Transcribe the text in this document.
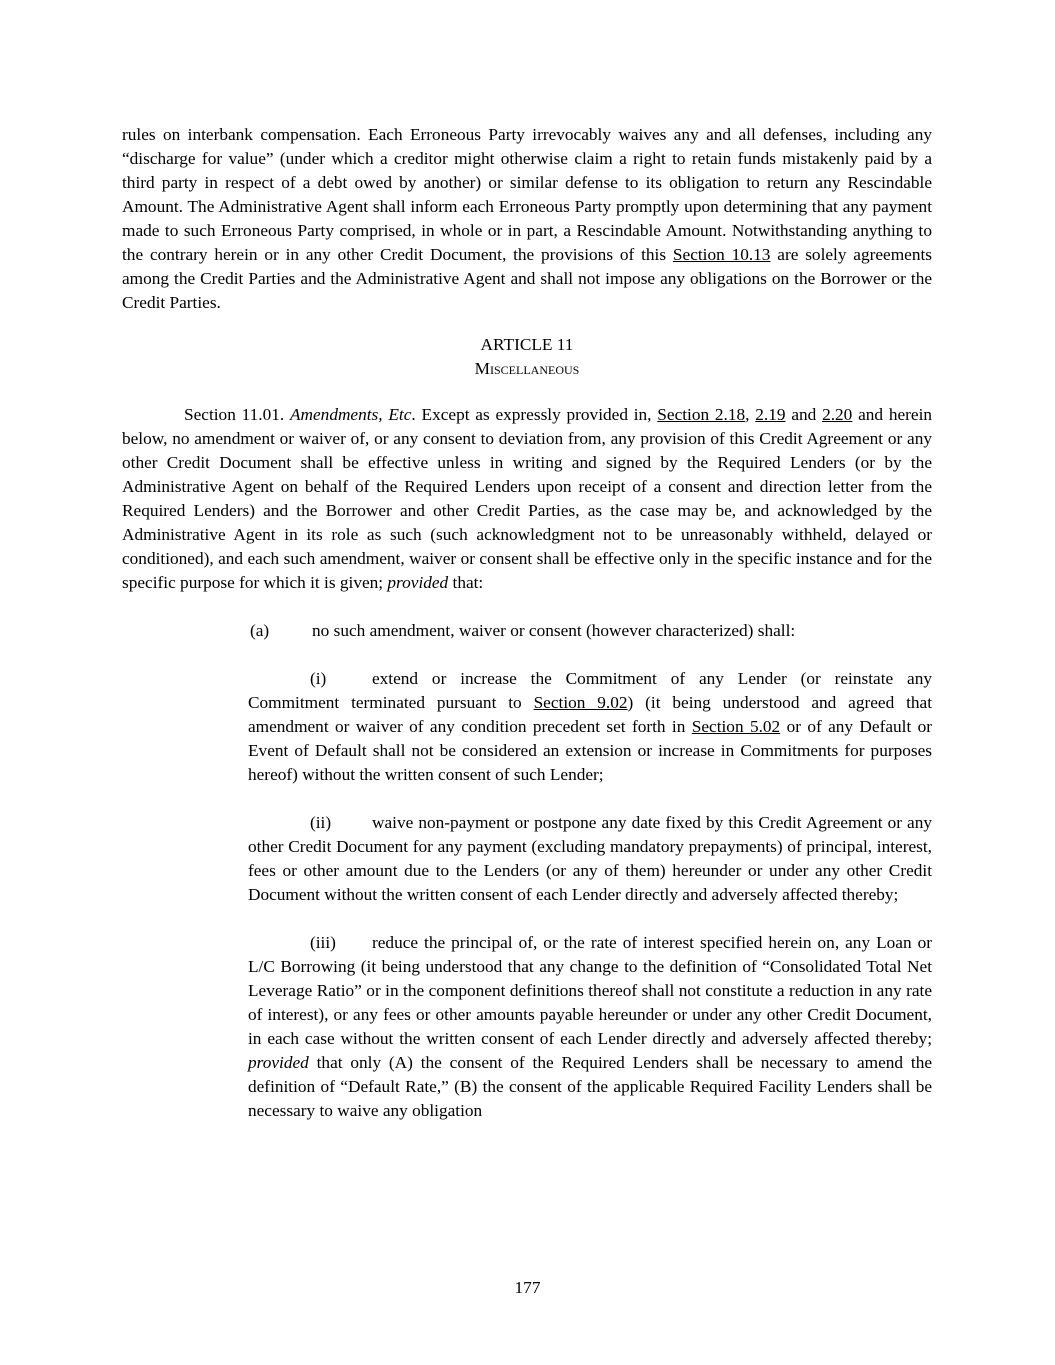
rules on interbank compensation. Each Erroneous Party irrevocably waives any and all defenses, including any “discharge for value” (under which a creditor might otherwise claim a right to retain funds mistakenly paid by a third party in respect of a debt owed by another) or similar defense to its obligation to return any Rescindable Amount. The Administrative Agent shall inform each Erroneous Party promptly upon determining that any payment made to such Erroneous Party comprised, in whole or in part, a Rescindable Amount. Notwithstanding anything to the contrary herein or in any other Credit Document, the provisions of this Section 10.13 are solely agreements among the Credit Parties and the Administrative Agent and shall not impose any obligations on the Borrower or the Credit Parties.

ARTICLE 11
Miscellaneous

Section 11.01. Amendments, Etc. Except as expressly provided in, Section 2.18, 2.19 and 2.20 and herein below, no amendment or waiver of, or any consent to deviation from, any provision of this Credit Agreement or any other Credit Document shall be effective unless in writing and signed by the Required Lenders (or by the Administrative Agent on behalf of the Required Lenders upon receipt of a consent and direction letter from the Required Lenders) and the Borrower and other Credit Parties, as the case may be, and acknowledged by the Administrative Agent in its role as such (such acknowledgment not to be unreasonably withheld, delayed or conditioned), and each such amendment, waiver or consent shall be effective only in the specific instance and for the specific purpose for which it is given; provided that:

(a) no such amendment, waiver or consent (however characterized) shall:

(i)	extend or increase the Commitment of any Lender (or reinstate any Commitment terminated pursuant to Section 9.02) (it being understood and agreed that amendment or waiver of any condition precedent set forth in Section 5.02 or of any Default or Event of Default shall not be considered an extension or increase in Commitments for purposes hereof) without the written consent of such Lender;

(ii) waive non-payment or postpone any date fixed by this Credit Agreement or any other Credit Document for any payment (excluding mandatory prepayments) of principal, interest, fees or other amount due to the Lenders (or any of them) hereunder or under any other Credit Document without the written consent of each Lender directly and adversely affected thereby;

(iii) reduce the principal of, or the rate of interest specified herein on, any Loan or L/C Borrowing (it being understood that any change to the definition of “Consolidated Total Net Leverage Ratio” or in the component definitions thereof shall not constitute a reduction in any rate of interest), or any fees or other amounts payable hereunder or under any other Credit Document, in each case without the written consent of each Lender directly and adversely affected thereby; provided that only (A) the consent of the Required Lenders shall be necessary to amend the definition of “Default Rate,” (B) the consent of the applicable Required Facility Lenders shall be necessary to waive any obligation

177
